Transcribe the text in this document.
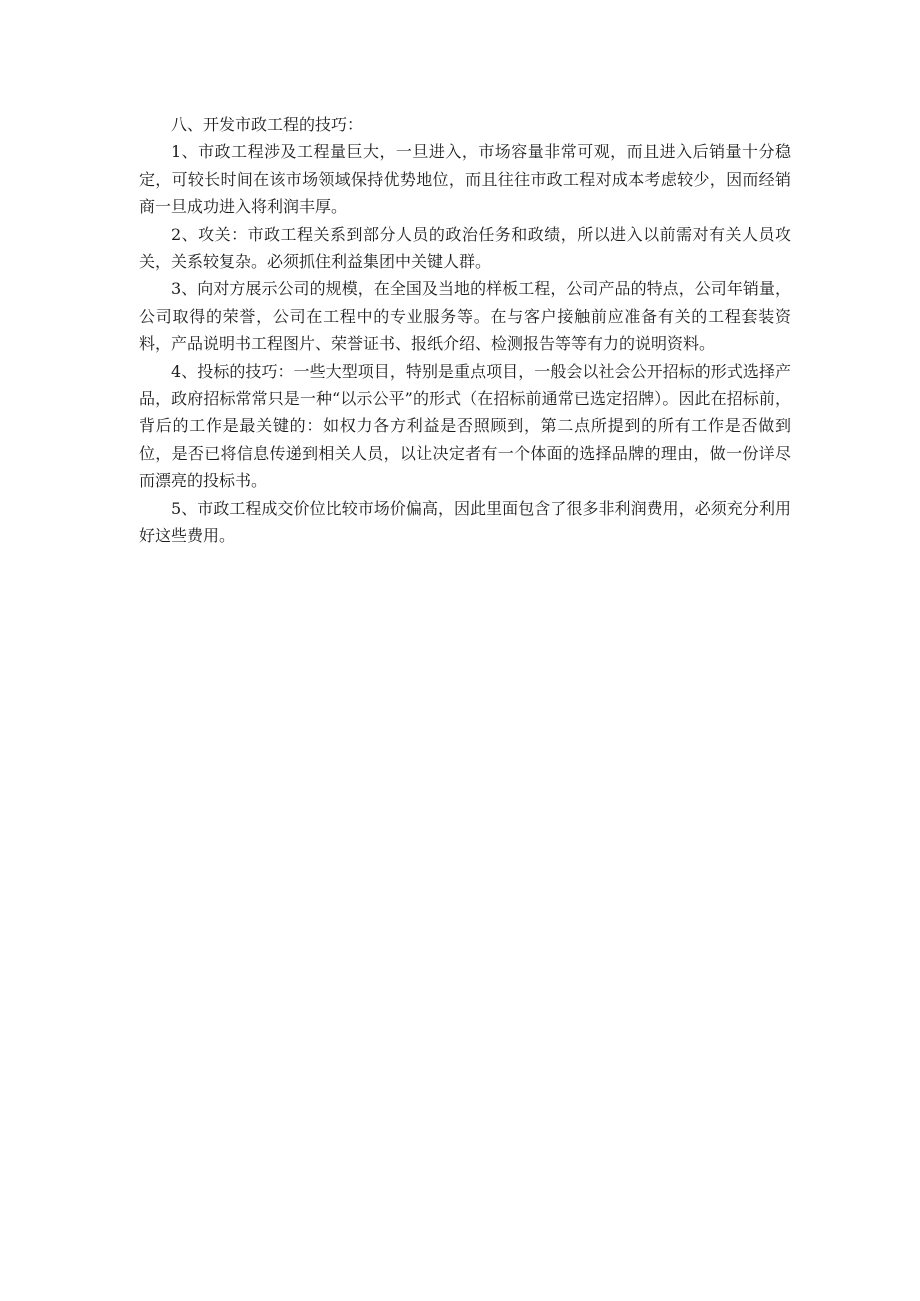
八、开发市政工程的技巧：

1、市政工程涉及工程量巨大，一旦进入，市场容量非常可观，而且进入后销量十分稳定，可较长时间在该市场领域保持优势地位，而且往往市政工程对成本考虑较少，因而经销商一旦成功进入将利润丰厚。

2、攻关：市政工程关系到部分人员的政治任务和政绩，所以进入以前需对有关人员攻关，关系较复杂。必须抓住利益集团中关键人群。

3、向对方展示公司的规模，在全国及当地的样板工程，公司产品的特点，公司年销量，公司取得的荣誉，公司在工程中的专业服务等。在与客户接触前应准备有关的工程套装资料，产品说明书工程图片、荣誉证书、报纸介绍、检测报告等等有力的说明资料。

4、投标的技巧：一些大型项目，特别是重点项目，一般会以社会公开招标的形式选择产品，政府招标常常只是一种“以示公平”的形式（在招标前通常已选定招牌）。因此在招标前，背后的工作是最关键的：如权力各方利益是否照顾到，第二点所提到的所有工作是否做到位，是否已将信息传递到相关人员，以让决定者有一个体面的选择品牌的理由，做一份详尽而漂亮的投标书。

5、市政工程成交价位比较市场价偏高，因此里面包含了很多非利润费用，必须充分利用好这些费用。
